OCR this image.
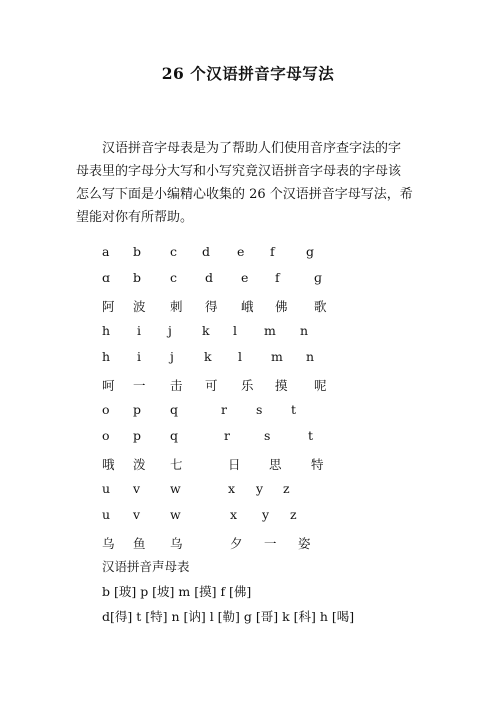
26 个汉语拼音字母写法
汉语拼音字母表是为了帮助人们使用音序查字法的字
母表里的字母分大写和小写究竟汉语拼音字母表的字母该
怎么写下面是小编精心收集的 26 个汉语拼音字母写法，希
望能对你有所帮助。
a b c d e f	g
ɑ b c d e f	ɡ
阿 波 刺 得 峨 佛 歌
h i j k l m n
h i j k l m n
呵 一 击 可 乐 摸 呢
o p q	r s t
o p q	r	s	t
哦 泼 七	日 思 特
u v w	x y z
u v w	x y z
乌 鱼 乌	夕 一 姿
汉语拼音声母表
b [玻] p [坡] m [摸] f [佛]
d[得] t [特] n [讷] l [勒] g [哥] k [科] h [喝]
